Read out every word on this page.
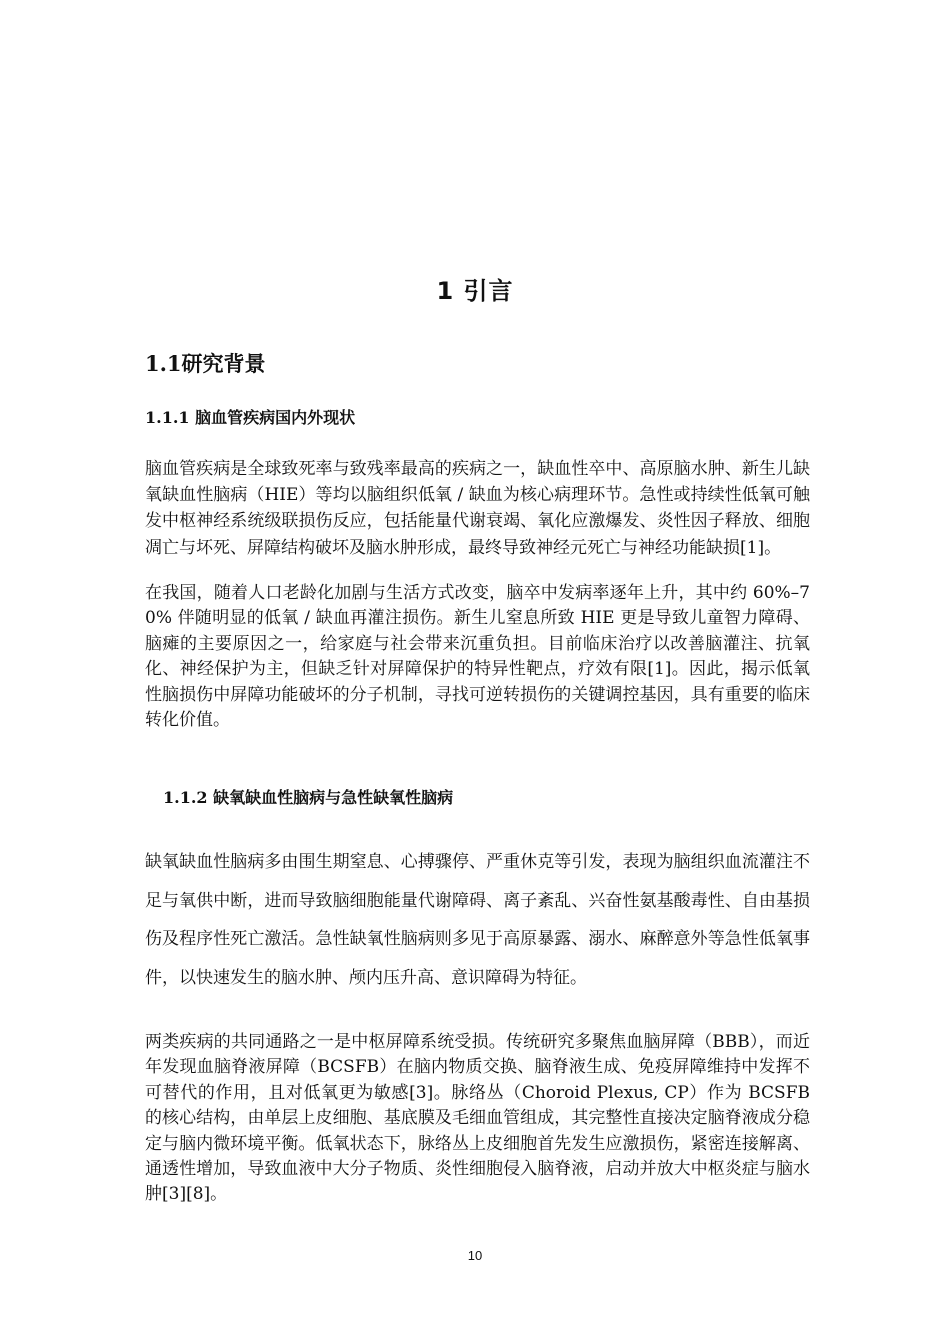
1 引言
1.1研究背景
1.1.1 脑血管疾病国内外现状

脑血管疾病是全球致死率与致残率最高的疾病之一，缺血性卒中、高原脑水肿、新生儿缺氧缺血性脑病（HIE）等均以脑组织低氧 / 缺血为核心病理环节。急性或持续性低氧可触发中枢神经系统级联损伤反应，包括能量代谢衰竭、氧化应激爆发、炎性因子释放、细胞凋亡与坏死、屏障结构破坏及脑水肿形成，最终导致神经元死亡与神经功能缺损[1]。

在我国，随着人口老龄化加剧与生活方式改变，脑卒中发病率逐年上升，其中约 60%–70% 伴随明显的低氧 / 缺血再灌注损伤。新生儿窒息所致 HIE 更是导致儿童智力障碍、脑瘫的主要原因之一，给家庭与社会带来沉重负担。目前临床治疗以改善脑灌注、抗氧化、神经保护为主，但缺乏针对屏障保护的特异性靶点，疗效有限[1]。因此，揭示低氧性脑损伤中屏障功能破坏的分子机制，寻找可逆转损伤的关键调控基因，具有重要的临床转化价值。

1.1.2 缺氧缺血性脑病与急性缺氧性脑病

缺氧缺血性脑病多由围生期窒息、心搏骤停、严重休克等引发，表现为脑组织血流灌注不足与氧供中断，进而导致脑细胞能量代谢障碍、离子紊乱、兴奋性氨基酸毒性、自由基损伤及程序性死亡激活。急性缺氧性脑病则多见于高原暴露、溺水、麻醉意外等急性低氧事件，以快速发生的脑水肿、颅内压升高、意识障碍为特征。

两类疾病的共同通路之一是中枢屏障系统受损。传统研究多聚焦血脑屏障（BBB），而近年发现血脑脊液屏障（BCSFB）在脑内物质交换、脑脊液生成、免疫屏障维持中发挥不可替代的作用，且对低氧更为敏感[3]。脉络丛（Choroid Plexus, CP）作为 BCSFB 的核心结构，由单层上皮细胞、基底膜及毛细血管组成，其完整性直接决定脑脊液成分稳定与脑内微环境平衡。低氧状态下，脉络丛上皮细胞首先发生应激损伤，紧密连接解离、通透性增加，导致血液中大分子物质、炎性细胞侵入脑脊液，启动并放大中枢炎症与脑水肿[3][8]。

10
